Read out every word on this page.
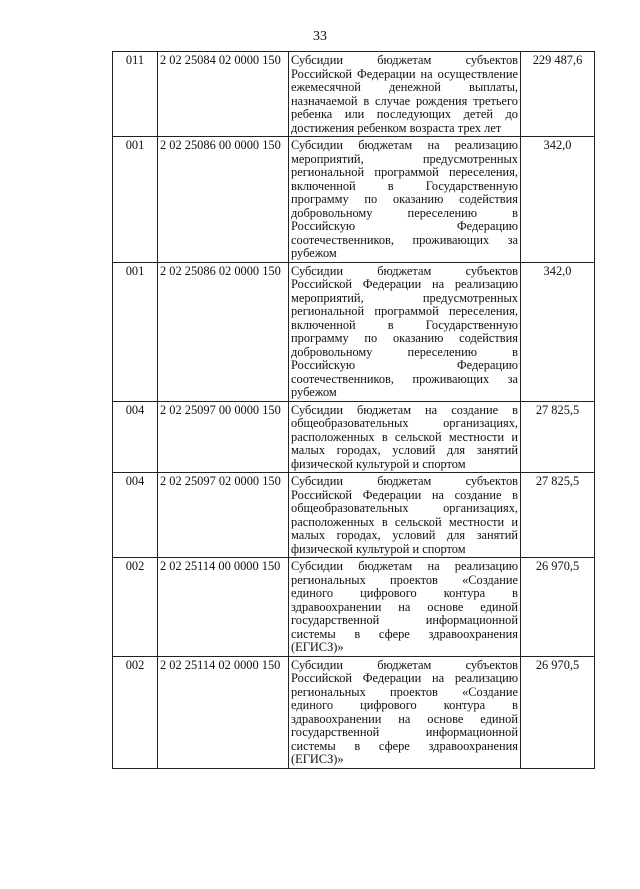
33
011	2 02 25084 02 0000 150	Субсидии бюджетам субъектов Российской Федерации на осуществление ежемесячной денежной выплаты, назначаемой в случае рождения третьего ребенка или последующих детей до достижения ребенком возраста трех лет	229 487,6
001	2 02 25086 00 0000 150	Субсидии бюджетам на реализацию мероприятий, предусмотренных региональной программой переселения, включенной в Государственную программу по оказанию содействия добровольному переселению в Российскую Федерацию соотечественников, проживающих за рубежом	342,0
001	2 02 25086 02 0000 150	Субсидии бюджетам субъектов Российской Федерации на реализацию мероприятий, предусмотренных региональной программой переселения, включенной в Государственную программу по оказанию содействия добровольному переселению в Российскую Федерацию соотечественников, проживающих за рубежом	342,0
004	2 02 25097 00 0000 150	Субсидии бюджетам на создание в общеобразовательных организациях, расположенных в сельской местности и малых городах, условий для занятий физической культурой и спортом	27 825,5
004	2 02 25097 02 0000 150	Субсидии бюджетам субъектов Российской Федерации на создание в общеобразовательных организациях, расположенных в сельской местности и малых городах, условий для занятий физической культурой и спортом	27 825,5
002	2 02 25114 00 0000 150	Субсидии бюджетам на реализацию региональных проектов «Создание единого цифрового контура в здравоохранении на основе единой государственной информационной системы в сфере здравоохранения (ЕГИСЗ)»	26 970,5
002	2 02 25114 02 0000 150	Субсидии бюджетам субъектов Российской Федерации на реализацию региональных проектов «Создание единого цифрового контура в здравоохранении на основе единой государственной информационной системы в сфере здравоохранения (ЕГИСЗ)»	26 970,5
